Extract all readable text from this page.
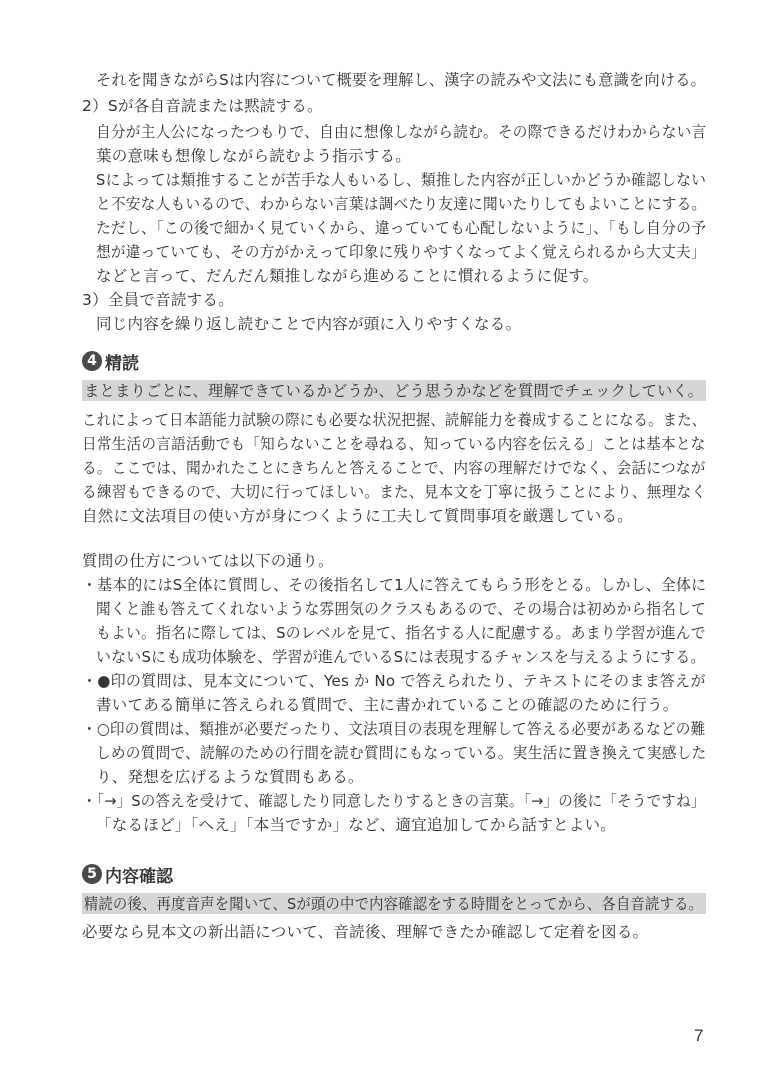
それを聞きながらSは内容について概要を理解し、漢字の読みや文法にも意識を向ける。

2）Sが各自音読または黙読する。

自分が主人公になったつもりで、自由に想像しながら読む。その際できるだけわからない言

葉の意味も想像しながら読むよう指示する。

Sによっては類推することが苦手な人もいるし、類推した内容が正しいかどうか確認しない

と不安な人もいるので、わからない言葉は調べたり友達に聞いたりしてもよいことにする。

ただし、「この後で細かく見ていくから、違っていても心配しないように」、「もし自分の予

想が違っていても、その方がかえって印象に残りやすくなってよく覚えられるから大丈夫」

などと言って、だんだん類推しながら進めることに慣れるように促す。

3）全員で音読する。

同じ内容を繰り返し読むことで内容が頭に入りやすくなる。

4 精読

まとまりごとに、理解できているかどうか、どう思うかなどを質問でチェックしていく。

これによって日本語能力試験の際にも必要な状況把握、読解能力を養成することになる。また、

日常生活の言語活動でも「知らないことを尋ねる、知っている内容を伝える」ことは基本とな

る。ここでは、聞かれたことにきちんと答えることで、内容の理解だけでなく、会話につなが

る練習もできるので、大切に行ってほしい。また、見本文を丁寧に扱うことにより、無理なく

自然に文法項目の使い方が身につくように工夫して質問事項を厳選している。

質問の仕方については以下の通り。

・基本的にはS全体に質問し、その後指名して1人に答えてもらう形をとる。しかし、全体に

聞くと誰も答えてくれないような雰囲気のクラスもあるので、その場合は初めから指名して

もよい。指名に際しては、Sのレベルを見て、指名する人に配慮する。あまり学習が進んで

いないSにも成功体験を、学習が進んでいるSには表現するチャンスを与えるようにする。

・●印の質問は、見本文について、Yes か No で答えられたり、テキストにそのまま答えが

書いてある簡単に答えられる質問で、主に書かれていることの確認のために行う。

・○印の質問は、類推が必要だったり、文法項目の表現を理解して答える必要があるなどの難

しめの質問で、読解のための行間を読む質問にもなっている。実生活に置き換えて実感した

り、発想を広げるような質問もある。

・「→」Sの答えを受けて、確認したり同意したりするときの言葉。「→」の後に「そうですね」

「なるほど」「へえ」「本当ですか」など、適宜追加してから話すとよい。

5 内容確認

精読の後、再度音声を聞いて、Sが頭の中で内容確認をする時間をとってから、各自音読する。

必要なら見本文の新出語について、音読後、理解できたか確認して定着を図る。

7
